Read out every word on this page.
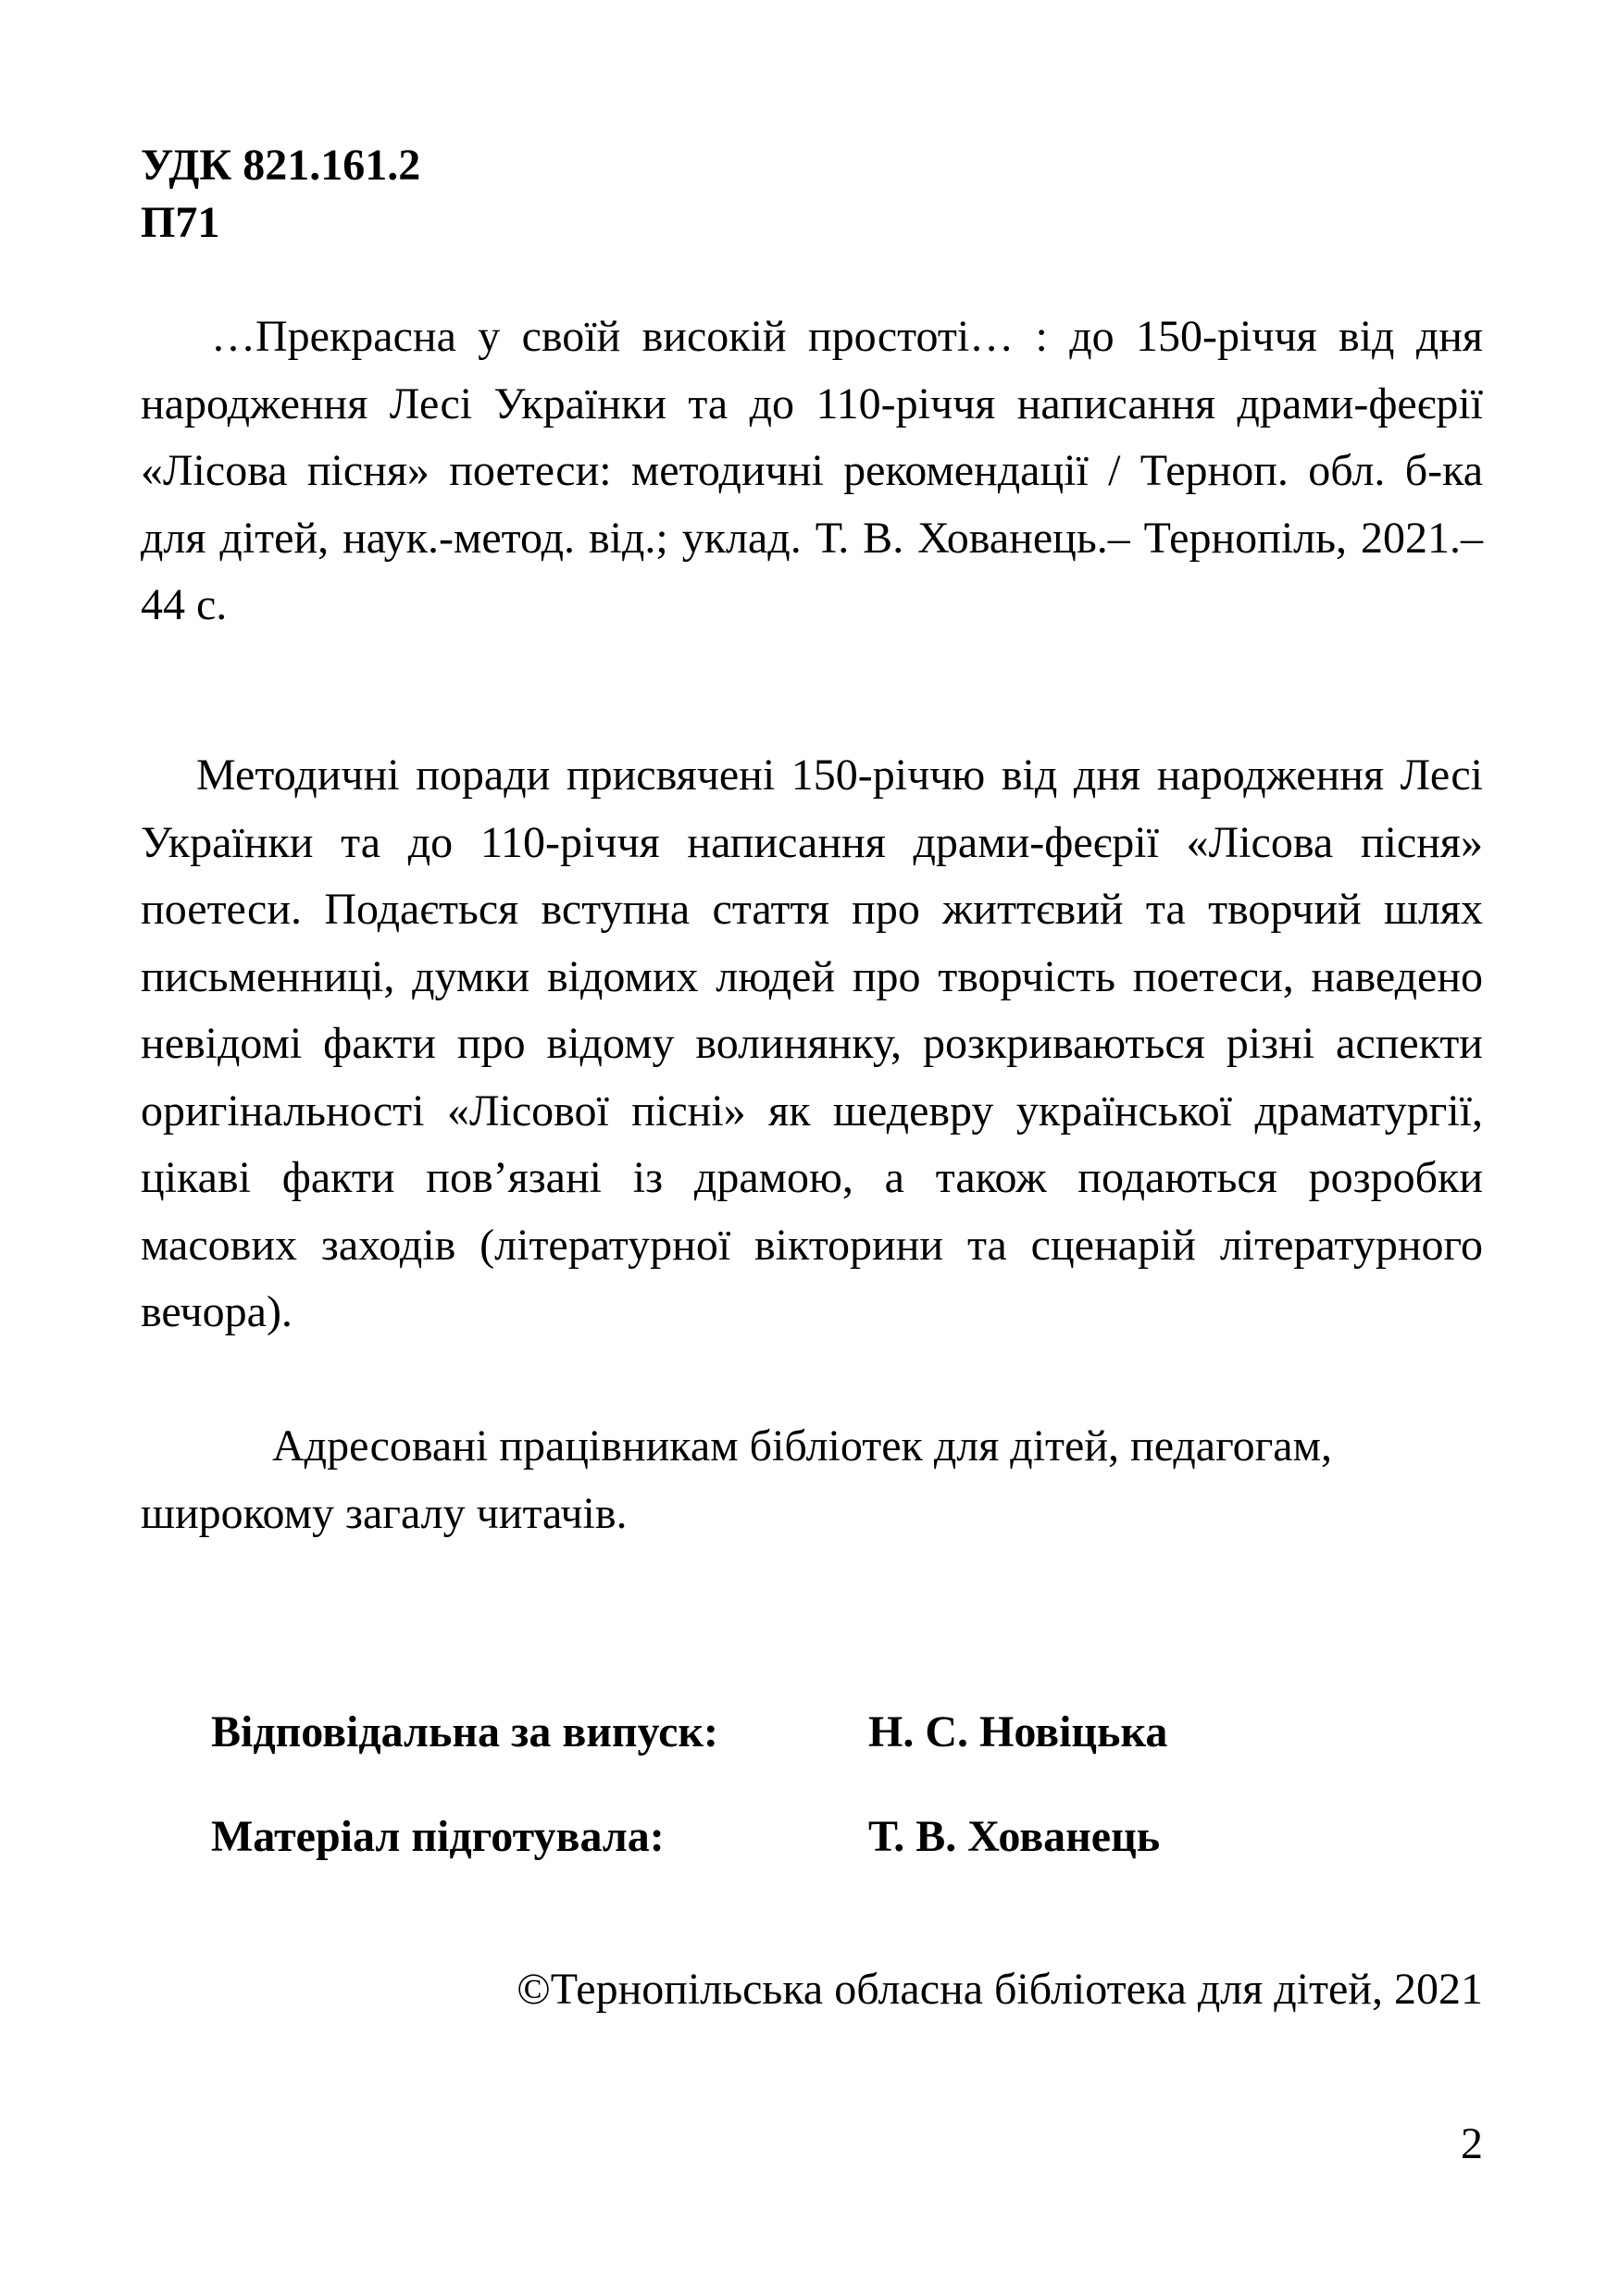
УДК 821.161.2
П71

…Прекрасна у своїй високій простоті… : до 150-річчя від дня народження Лесі Українки та до 110-річчя написання драми-феєрії «Лісова пісня» поетеси: методичні рекомендації / Терноп. обл. б-ка для дітей, наук.-метод. від.; уклад. Т. В. Хованець.– Тернопіль, 2021.– 44 с.

Методичні поради присвячені 150-річчю від дня народження Лесі Українки та до 110-річчя написання драми-феєрії «Лісова пісня» поетеси. Подається вступна стаття про життєвий та творчий шлях письменниці, думки відомих людей про творчість поетеси, наведено невідомі факти про відому волинянку, розкриваються різні аспекти оригінальності «Лісової пісні» як шедевру української драматургії, цікаві факти пов’язані із драмою, а також подаються розробки масових заходів (літературної вікторини та сценарій літературного вечора).

Адресовані працівникам бібліотек для дітей, педагогам, широкому загалу читачів.

Відповідальна за випуск:	Н. С. Новіцька
Матеріал підготувала:	Т. В. Хованець
©Тернопільська обласна бібліотека для дітей, 2021
2
